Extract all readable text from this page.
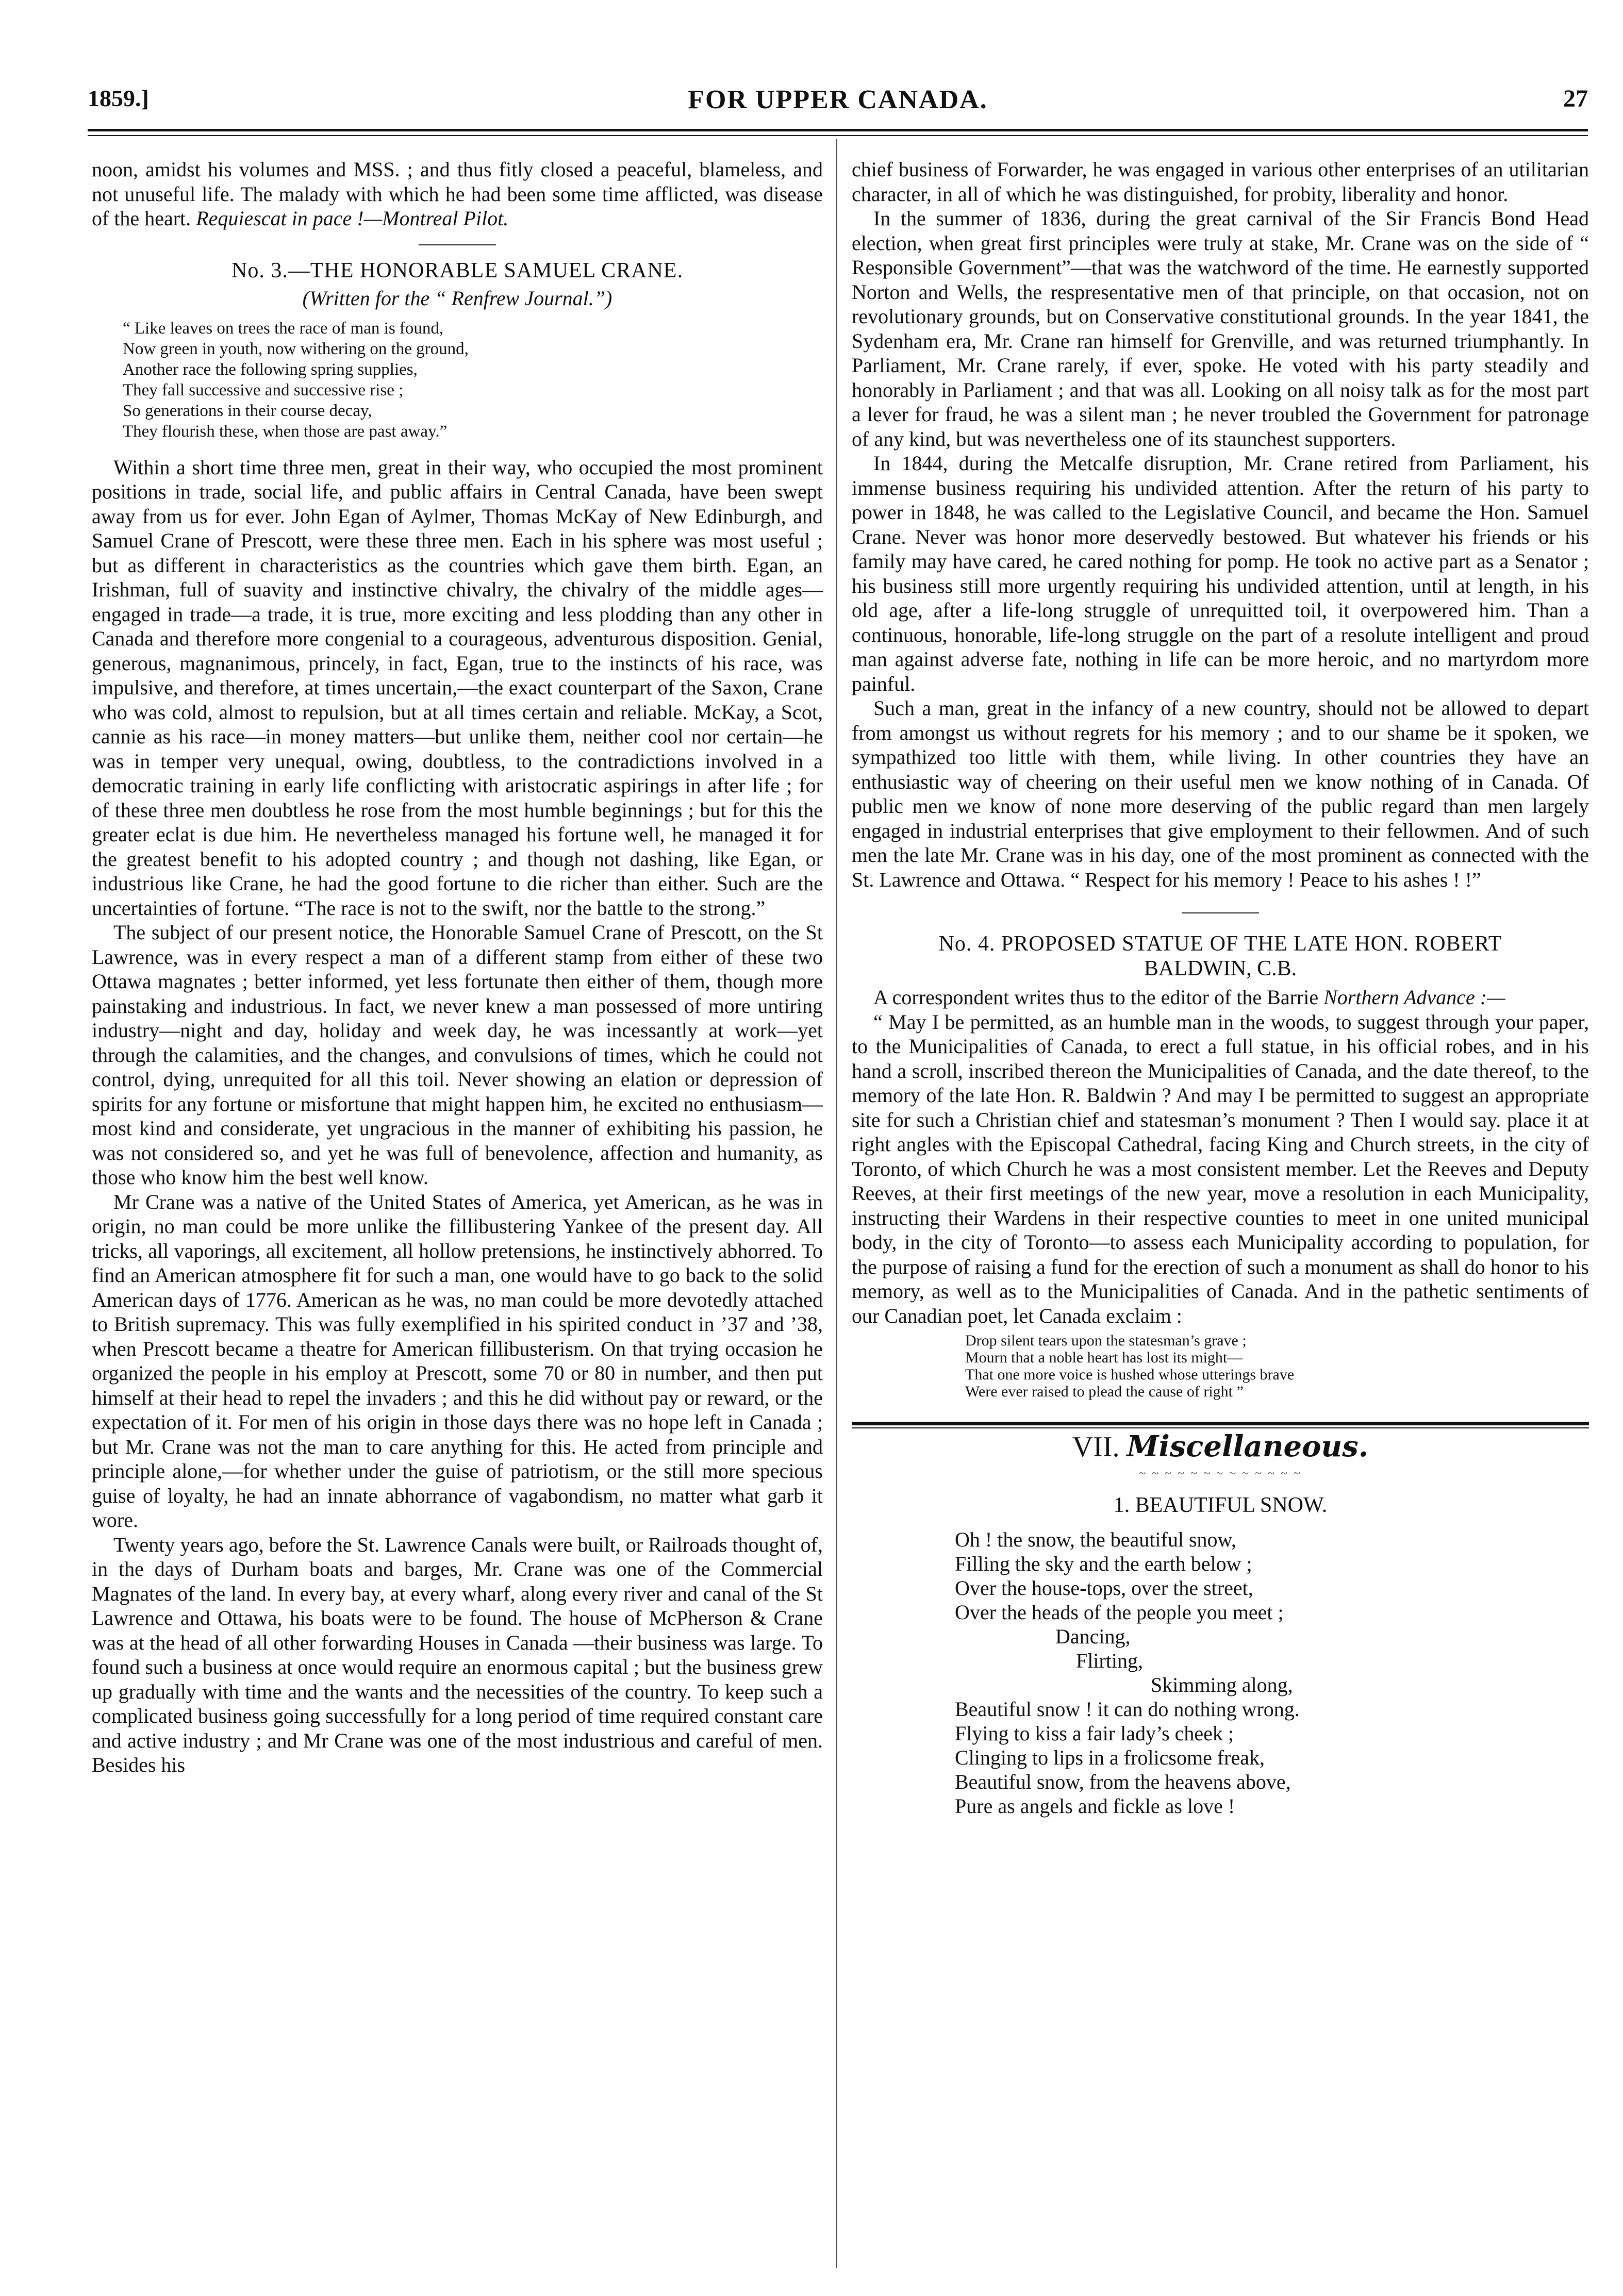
1859.]	FOR UPPER CANADA.	27

noon, amidst his volumes and MSS. ; and thus fitly closed a peaceful, blameless, and not unuseful life. The malady with which he had been some time afflicted, was disease of the heart. Requiescat in pace !—Montreal Pilot.

No. 3.—THE HONORABLE SAMUEL CRANE.
(Written for the “ Renfrew Journal.”)
“ Like leaves on trees the race of man is found,
Now green in youth, now withering on the ground,
Another race the following spring supplies,
They fall successive and successive rise ;
So generations in their course decay,
They flourish these, when those are past away.”

Within a short time three men, great in their way, who occupied the most prominent positions in trade, social life, and public affairs in Central Canada, have been swept away from us for ever. John Egan of Aylmer, Thomas McKay of New Edinburgh, and Samuel Crane of Prescott, were these three men. Each in his sphere was most useful ; but as different in characteristics as the countries which gave them birth. Egan, an Irishman, full of suavity and instinctive chivalry, the chivalry of the middle ages— engaged in trade—a trade, it is true, more exciting and less plodding than any other in Canada and therefore more congenial to a courageous, adventurous disposition. Genial, generous, magnanimous, princely, in fact, Egan, true to the instincts of his race, was impulsive, and therefore, at times uncertain,—the exact counterpart of the Saxon, Crane who was cold, almost to repulsion, but at all times certain and reliable. McKay, a Scot, cannie as his race—in money matters—but unlike them, neither cool nor certain—he was in temper very unequal, owing, doubtless, to the contradictions involved in a democratic training in early life conflicting with aristocratic aspirings in after life ; for of these three men doubtless he rose from the most humble beginnings ; but for this the greater eclat is due him. He nevertheless managed his fortune well, he managed it for the greatest benefit to his adopted country ; and though not dashing, like Egan, or industrious like Crane, he had the good fortune to die richer than either. Such are the uncertainties of fortune. “The race is not to the swift, nor the battle to the strong.”

The subject of our present notice, the Honorable Samuel Crane of Prescott, on the St Lawrence, was in every respect a man of a different stamp from either of these two Ottawa magnates ; better informed, yet less fortunate then either of them, though more painstaking and industrious. In fact, we never knew a man possessed of more untiring industry—night and day, holiday and week day, he was incessantly at work—yet through the calamities, and the changes, and convulsions of times, which he could not control, dying, unrequited for all this toil. Never showing an elation or depression of spirits for any fortune or misfortune that might happen him, he excited no enthusiasm—most kind and considerate, yet ungracious in the manner of exhibiting his passion, he was not considered so, and yet he was full of benevolence, affection and humanity, as those who know him the best well know.

Mr Crane was a native of the United States of America, yet American, as he was in origin, no man could be more unlike the fillibustering Yankee of the present day. All tricks, all vaporings, all excitement, all hollow pretensions, he instinctively abhorred. To find an American atmosphere fit for such a man, one would have to go back to the solid American days of 1776. American as he was, no man could be more devotedly attached to British supremacy. This was fully exemplified in his spirited conduct in ’37 and ’38, when Prescott became a theatre for American fillibusterism. On that trying occasion he organized the people in his employ at Prescott, some 70 or 80 in number, and then put himself at their head to repel the invaders ; and this he did without pay or reward, or the expectation of it. For men of his origin in those days there was no hope left in Canada ; but Mr. Crane was not the man to care anything for this. He acted from principle and principle alone,—for whether under the guise of patriotism, or the still more specious guise of loyalty, he had an innate abhorrance of vagabondism, no matter what garb it wore.

Twenty years ago, before the St. Lawrence Canals were built, or Railroads thought of, in the days of Durham boats and barges, Mr. Crane was one of the Commercial Magnates of the land. In every bay, at every wharf, along every river and canal of the St Lawrence and Ottawa, his boats were to be found. The house of McPherson & Crane was at the head of all other forwarding Houses in Canada —their business was large. To found such a business at once would require an enormous capital ; but the business grew up gradually with time and the wants and the necessities of the country. To keep such a complicated business going successfully for a long period of time required constant care and active industry ; and Mr Crane was one of the most industrious and careful of men. Besides his

chief business of Forwarder, he was engaged in various other enterprises of an utilitarian character, in all of which he was distinguished, for probity, liberality and honor.

In the summer of 1836, during the great carnival of the Sir Francis Bond Head election, when great first principles were truly at stake, Mr. Crane was on the side of “ Responsible Government”—that was the watchword of the time. He earnestly supported Norton and Wells, the respresentative men of that principle, on that occasion, not on revolutionary grounds, but on Conservative constitutional grounds. In the year 1841, the Sydenham era, Mr. Crane ran himself for Grenville, and was returned triumphantly. In Parliament, Mr. Crane rarely, if ever, spoke. He voted with his party steadily and honorably in Parliament ; and that was all. Looking on all noisy talk as for the most part a lever for fraud, he was a silent man ; he never troubled the Government for patronage of any kind, but was nevertheless one of its staunchest supporters.

In 1844, during the Metcalfe disruption, Mr. Crane retired from Parliament, his immense business requiring his undivided attention. After the return of his party to power in 1848, he was called to the Legislative Council, and became the Hon. Samuel Crane. Never was honor more deservedly bestowed. But whatever his friends or his family may have cared, he cared nothing for pomp. He took no active part as a Senator ; his business still more urgently requiring his undivided attention, until at length, in his old age, after a life-long struggle of unrequitted toil, it overpowered him. Than a continuous, honorable, life-long struggle on the part of a resolute intelligent and proud man against adverse fate, nothing in life can be more heroic, and no martyrdom more painful.

Such a man, great in the infancy of a new country, should not be allowed to depart from amongst us without regrets for his memory ; and to our shame be it spoken, we sympathized too little with them, while living. In other countries they have an enthusiastic way of cheering on their useful men we know nothing of in Canada. Of public men we know of none more deserving of the public regard than men largely engaged in industrial enterprises that give employment to their fellowmen. And of such men the late Mr. Crane was in his day, one of the most prominent as connected with the St. Lawrence and Ottawa. “ Respect for his memory ! Peace to his ashes ! !”

No. 4. PROPOSED STATUE OF THE LATE HON. ROBERT
BALDWIN, C.B.

A correspondent writes thus to the editor of the Barrie Northern Advance :—

“ May I be permitted, as an humble man in the woods, to suggest through your paper, to the Municipalities of Canada, to erect a full statue, in his official robes, and in his hand a scroll, inscribed thereon the Municipalities of Canada, and the date thereof, to the memory of the late Hon. R. Baldwin ? And may I be permitted to suggest an appropriate site for such a Christian chief and statesman’s monument ? Then I would say. place it at right angles with the Episcopal Cathedral, facing King and Church streets, in the city of Toronto, of which Church he was a most consistent member. Let the Reeves and Deputy Reeves, at their first meetings of the new year, move a resolution in each Municipality, instructing their Wardens in their respective counties to meet in one united municipal body, in the city of Toronto—to assess each Municipality according to population, for the purpose of raising a fund for the erection of such a monument as shall do honor to his memory, as well as to the Municipalities of Canada. And in the pathetic sentiments of our Canadian poet, let Canada exclaim :

Drop silent tears upon the statesman’s grave ;
Mourn that a noble heart has lost its might—
That one more voice is hushed whose utterings brave
Were ever raised to plead the cause of right ”
VII. Miscellaneous.
~ ~ ~ ~ ~ ~ ~ ~ ~ ~ ~ ~ ~
1. BEAUTIFUL SNOW.
Oh ! the snow, the beautiful snow,
Filling the sky and the earth below ;
Over the house-tops, over the street,
Over the heads of the people you meet ;
Dancing,
Flirting,
Skimming along,
Beautiful snow ! it can do nothing wrong.
Flying to kiss a fair lady’s cheek ;
Clinging to lips in a frolicsome freak,
Beautiful snow, from the heavens above,
Pure as angels and fickle as love !
